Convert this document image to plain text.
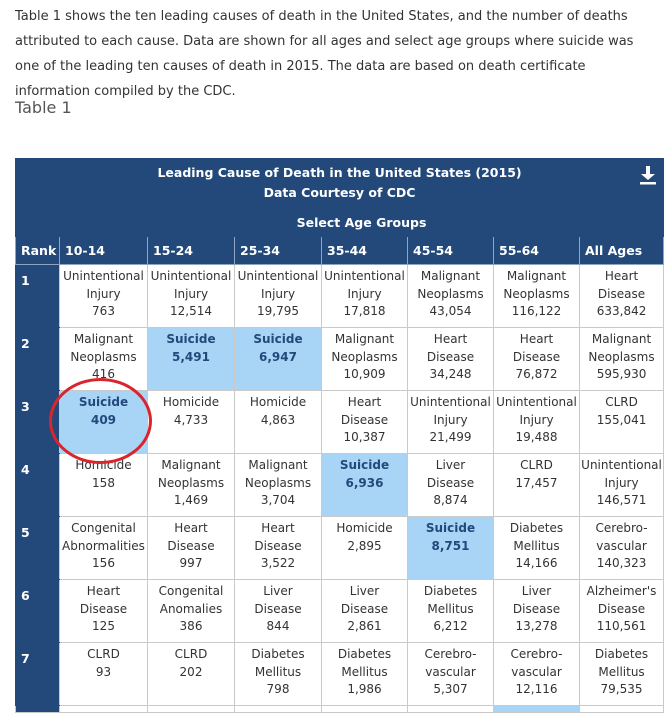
Table 1 shows the ten leading causes of death in the United States, and the number of deaths attributed to each cause. Data are shown for all ages and select age groups where suicide was one of the leading ten causes of death in 2015. The data are based on death certificate information compiled by the CDC.

Table 1
Leading Cause of Death in the United States (2015)
Data Courtesy of CDC							

	Select Age Groups						
Rank	10-14	15-24	25-34	35-44	45-54	55-64	All Ages
1	Unintentional
Injury
763	Unintentional
Injury
12,514	Unintentional
Injury
19,795	Unintentional
Injury
17,818	Malignant
Neoplasms
43,054	Malignant
Neoplasms
116,122	Heart
Disease
633,842

2	Malignant
Neoplasms
416	Suicide
5,491	Suicide
6,947	Malignant
Neoplasms
10,909	Heart
Disease
34,248	Heart
Disease
76,872	Malignant
Neoplasms
595,930

3	Suicide
409	Homicide
4,733	Homicide
4,863	Heart
Disease
10,387	Unintentional
Injury
21,499	Unintentional
Injury
19,488	CLRD
155,041

4	Homicide
158	Malignant
Neoplasms
1,469	Malignant
Neoplasms
3,704	Suicide
6,936	Liver
Disease
8,874	CLRD
17,457	Unintentional
Injury
146,571

5	Congenital
Abnormalities
156	Heart
Disease
997	Heart
Disease
3,522	Homicide
2,895	Suicide
8,751	Diabetes
Mellitus
14,166	Cerebro-
vascular
140,323

6	Heart
Disease
125	Congenital
Anomalies
386	Liver
Disease
844	Liver
Disease
2,861	Diabetes
Mellitus
6,212	Liver
Disease
13,278	Alzheimer's
Disease
110,561

7	CLRD
93	CLRD
202	Diabetes
Mellitus
798	Diabetes
Mellitus
1,986	Cerebro-
vascular
5,307	Cerebro-
vascular
12,116	Diabetes
Mellitus
79,535
